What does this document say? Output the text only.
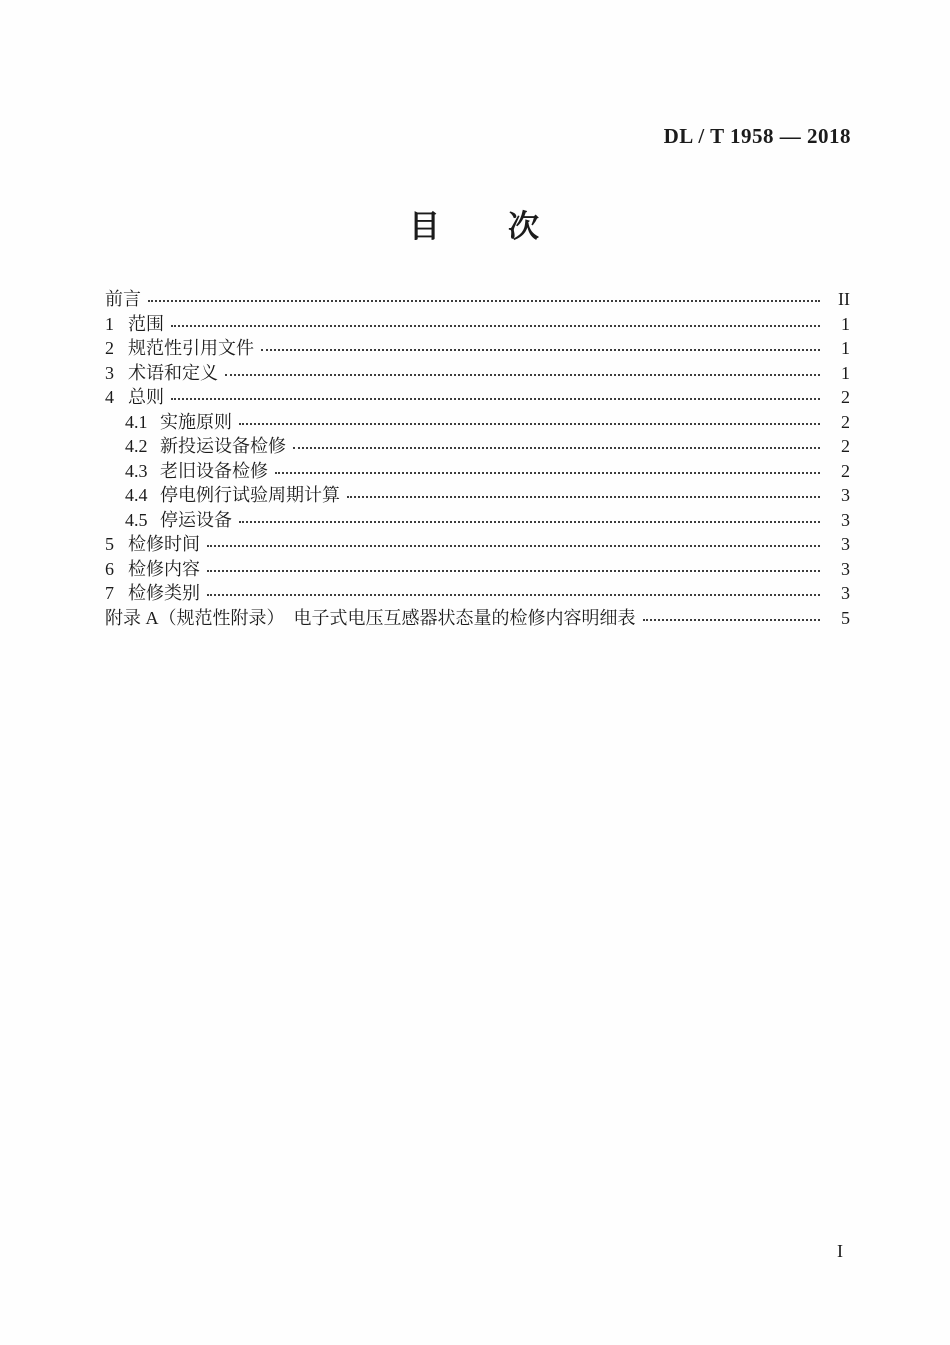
DL / T 1958 — 2018
目　　次
前言	II
1 范围	1
2 规范性引用文件	1
3 术语和定义	1
4 总则	2
4.1 实施原则	2
4.2 新投运设备检修	2
4.3 老旧设备检修	2
4.4 停电例行试验周期计算	3
4.5 停运设备	3
5 检修时间	3
6 检修内容	3
7 检修类别	3
附录 A（规范性附录）　电子式电压互感器状态量的检修内容明细表	5
I
